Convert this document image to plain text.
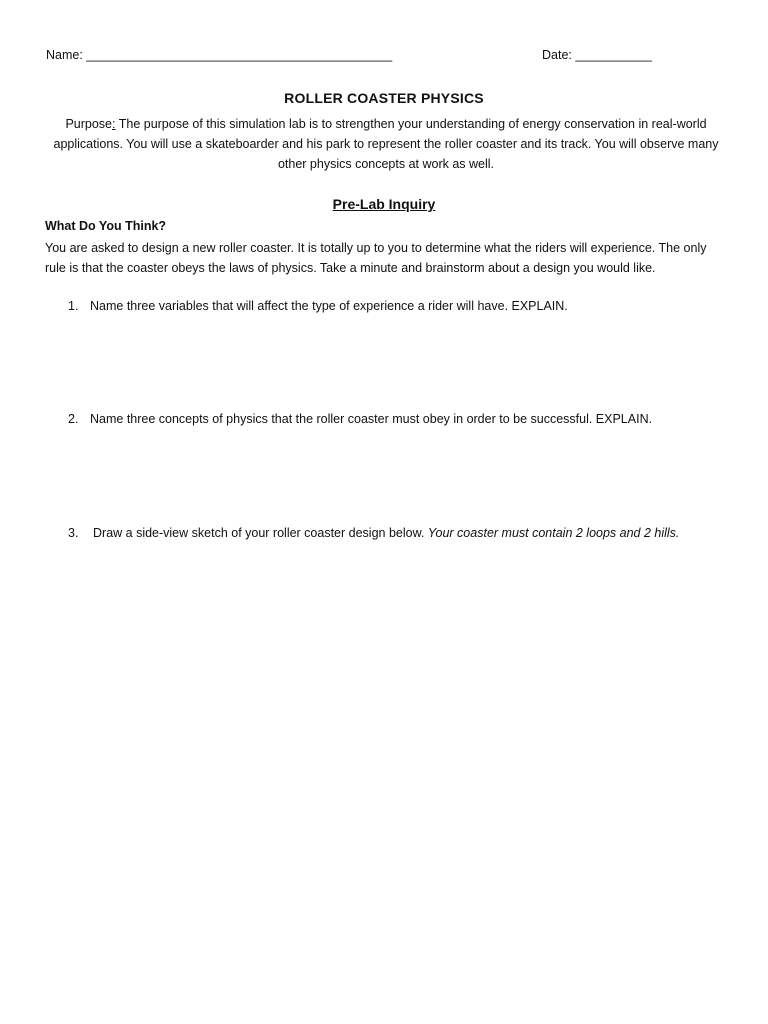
Name: ____________________________________________	Date: ___________
ROLLER COASTER PHYSICS
Purpose: The purpose of this simulation lab is to strengthen your understanding of energy conservation in real-world applications. You will use a skateboarder and his park to represent the roller coaster and its track. You will observe many other physics concepts at work as well.
Pre-Lab Inquiry
What Do You Think?
You are asked to design a new roller coaster. It is totally up to you to determine what the riders will experience. The only rule is that the coaster obeys the laws of physics. Take a minute and brainstorm about a design you would like.
1. Name three variables that will affect the type of experience a rider will have. EXPLAIN.
2. Name three concepts of physics that the roller coaster must obey in order to be successful. EXPLAIN.
3. Draw a side-view sketch of your roller coaster design below. Your coaster must contain 2 loops and 2 hills.
